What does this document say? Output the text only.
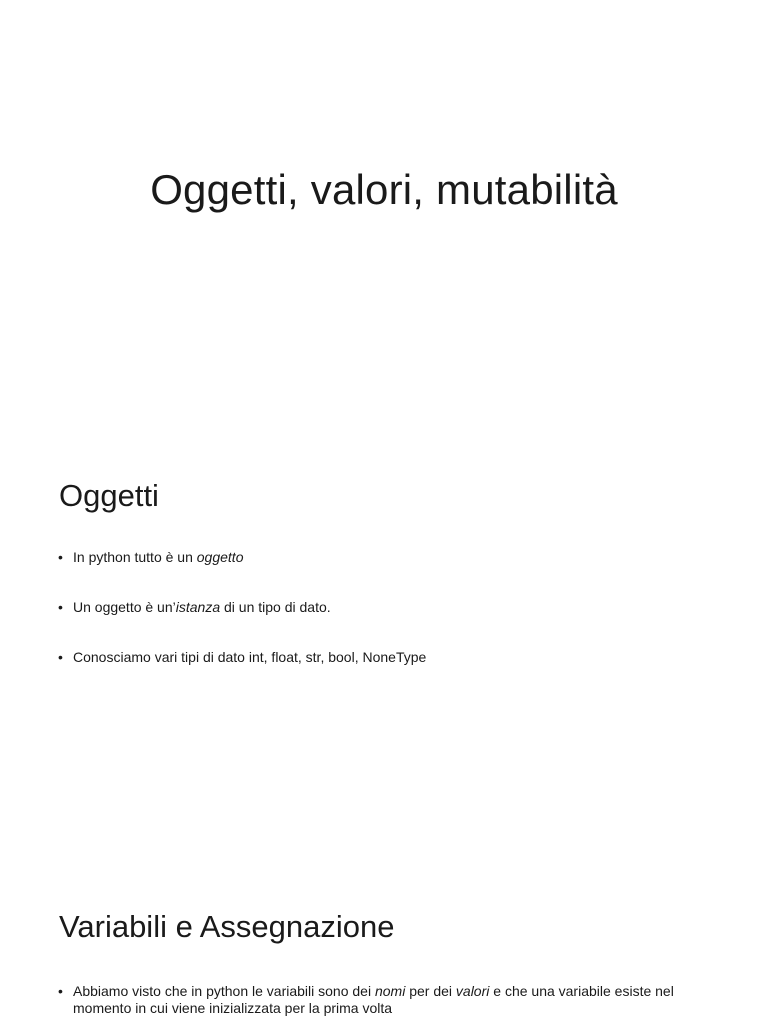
Oggetti, valori, mutabilità
Oggetti
• In python tutto è un oggetto
• Un oggetto è un’istanza di un tipo di dato.
• Conosciamo vari tipi di dato int, float, str, bool, NoneType
Variabili e Assegnazione
• Abbiamo visto che in python le variabili sono dei nomi per dei valori e che una variabile esiste nel momento in cui viene inizializzata per la prima volta
